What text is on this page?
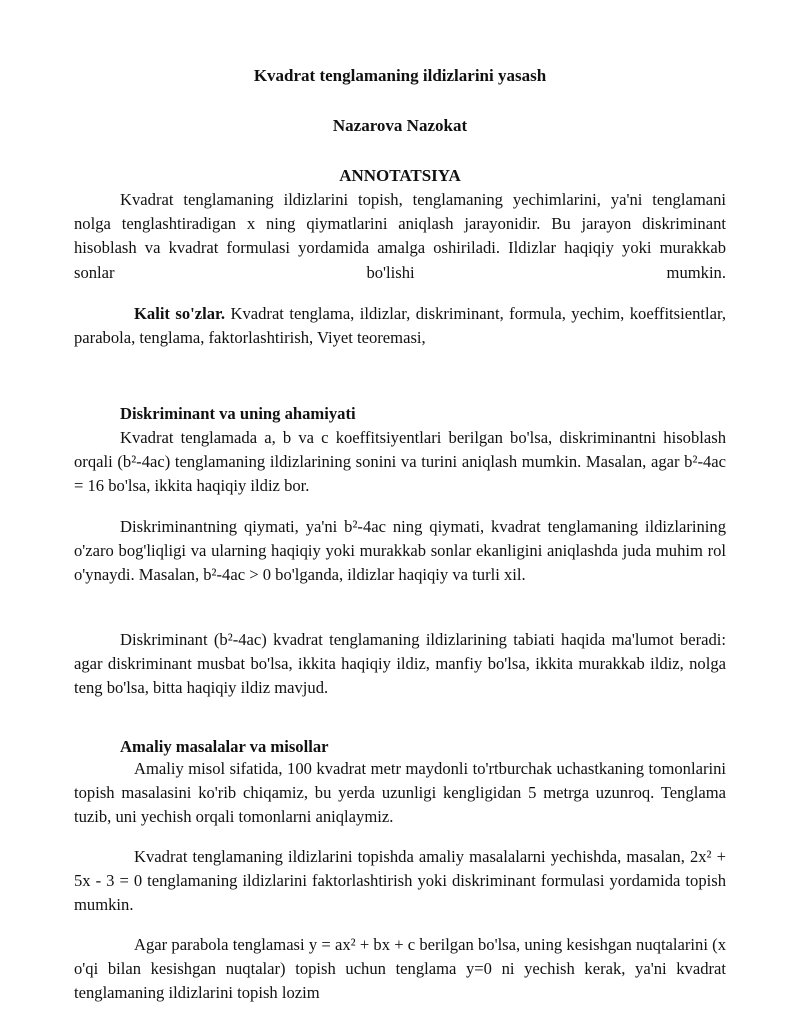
Kvadrat tenglamaning ildizlarini yasash
Nazarova Nazokat
ANNOTATSIYA

Kvadrat tenglamaning ildizlarini topish, tenglamaning yechimlarini, ya'ni tenglamani nolga tenglashtiradigan x ning qiymatlarini aniqlash jarayonidir. Bu jarayon diskriminant hisoblash va kvadrat formulasi yordamida amalga oshiriladi. Ildizlar haqiqiy yoki murakkab sonlar bo'lishi mumkin.

Kalit so'zlar. Kvadrat tenglama, ildizlar, diskriminant, formula, yechim, koeffitsientlar, parabola, tenglama, faktorlashtirish, Viyet teoremasi,

Diskriminant va uning ahamiyati

Kvadrat tenglamada a, b va c koeffitsiyentlari berilgan bo'lsa, diskriminantni hisoblash orqali (b²-4ac) tenglamaning ildizlarining sonini va turini aniqlash mumkin. Masalan, agar b²-4ac = 16 bo'lsa, ikkita haqiqiy ildiz bor.

Diskriminantning qiymati, ya'ni b²-4ac ning qiymati, kvadrat tenglamaning ildizlarining o'zaro bog'liqligi va ularning haqiqiy yoki murakkab sonlar ekanligini aniqlashda juda muhim rol o'ynaydi. Masalan, b²-4ac > 0 bo'lganda, ildizlar haqiqiy va turli xil.

Diskriminant (b²-4ac) kvadrat tenglamaning ildizlarining tabiati haqida ma'lumot beradi: agar diskriminant musbat bo'lsa, ikkita haqiqiy ildiz, manfiy bo'lsa, ikkita murakkab ildiz, nolga teng bo'lsa, bitta haqiqiy ildiz mavjud.

Amaliy masalalar va misollar

Amaliy misol sifatida, 100 kvadrat metr maydonli to'rtburchak uchastkaning tomonlarini topish masalasini ko'rib chiqamiz, bu yerda uzunligi kengligidan 5 metrga uzunroq. Tenglama tuzib, uni yechish orqali tomonlarni aniqlaymiz.

Kvadrat tenglamaning ildizlarini topishda amaliy masalalarni yechishda, masalan, 2x² + 5x - 3 = 0 tenglamaning ildizlarini faktorlashtirish yoki diskriminant formulasi yordamida topish mumkin.

Agar parabola tenglamasi y = ax² + bx + c berilgan bo'lsa, uning kesishgan nuqtalarini (x o'qi bilan kesishgan nuqtalar) topish uchun tenglama y=0 ni yechish kerak, ya'ni kvadrat tenglamaning ildizlarini topish lozim
